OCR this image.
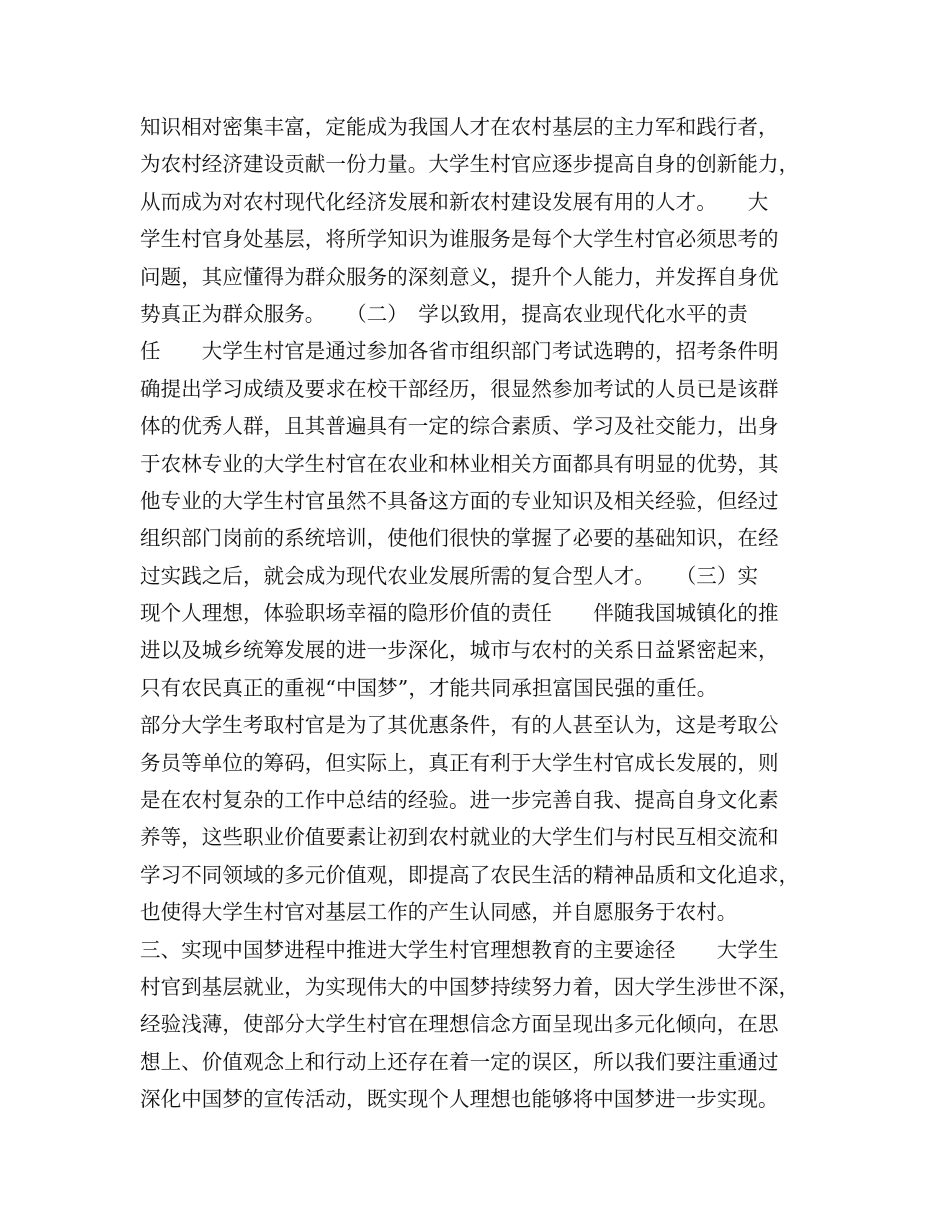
知识相对密集丰富，定能成为我国人才在农村基层的主力军和践行者，
为农村经济建设贡献一份力量。大学生村官应逐步提高自身的创新能力，
从而成为对农村现代化经济发展和新农村建设发展有用的人才。　　大
学生村官身处基层，将所学知识为谁服务是每个大学生村官必须思考的
问题，其应懂得为群众服务的深刻意义，提升个人能力，并发挥自身优
势真正为群众服务。　　（二）　学以致用，提高农业现代化水平的责
任　　大学生村官是通过参加各省市组织部门考试选聘的，招考条件明
确提出学习成绩及要求在校干部经历，很显然参加考试的人员已是该群
体的优秀人群，且其普遍具有一定的综合素质、学习及社交能力，出身
于农林专业的大学生村官在农业和林业相关方面都具有明显的优势，其
他专业的大学生村官虽然不具备这方面的专业知识及相关经验，但经过
组织部门岗前的系统培训，使他们很快的掌握了必要的基础知识，在经
过实践之后，就会成为现代农业发展所需的复合型人才。　　（三）实
现个人理想，体验职场幸福的隐形价值的责任　　伴随我国城镇化的推
进以及城乡统筹发展的进一步深化，城市与农村的关系日益紧密起来，
只有农民真正的重视“中国梦”，才能共同承担富国民强的重任。
部分大学生考取村官是为了其优惠条件，有的人甚至认为，这是考取公
务员等单位的筹码，但实际上，真正有利于大学生村官成长发展的，则
是在农村复杂的工作中总结的经验。进一步完善自我、提高自身文化素
养等，这些职业价值要素让初到农村就业的大学生们与村民互相交流和
学习不同领域的多元价值观，即提高了农民生活的精神品质和文化追求，
也使得大学生村官对基层工作的产生认同感，并自愿服务于农村。
三、实现中国梦进程中推进大学生村官理想教育的主要途径　　大学生
村官到基层就业，为实现伟大的中国梦持续努力着，因大学生涉世不深，
经验浅薄，使部分大学生村官在理想信念方面呈现出多元化倾向，在思
想上、价值观念上和行动上还存在着一定的误区，所以我们要注重通过
深化中国梦的宣传活动，既实现个人理想也能够将中国梦进一步实现。
